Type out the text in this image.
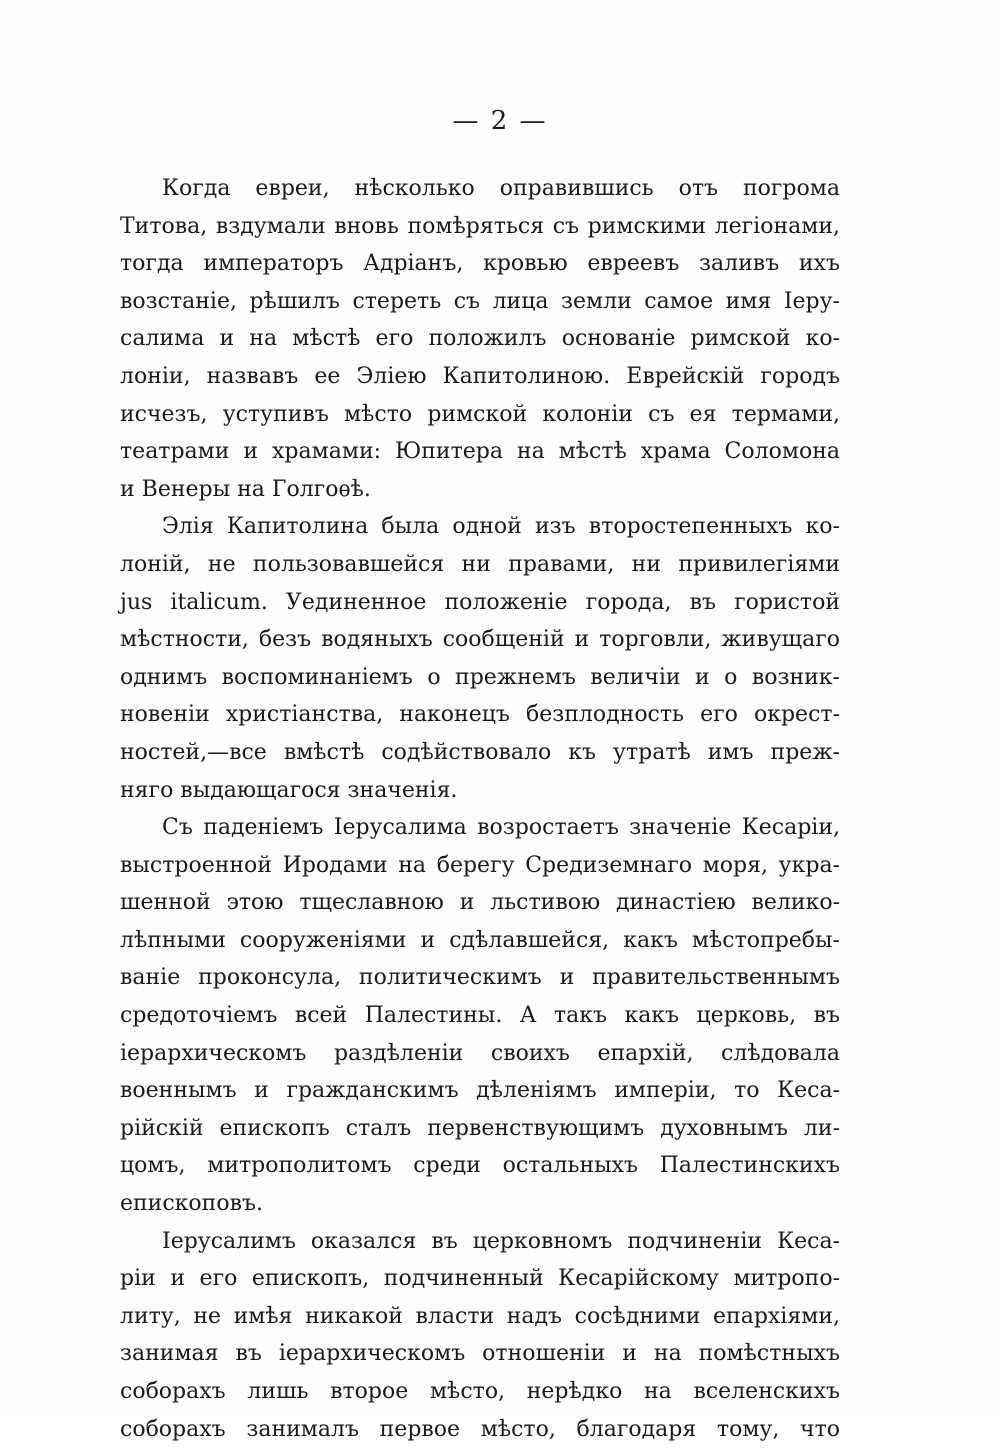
— 2 —

Когда евреи, нѣсколько оправившись отъ погрома
Титова, вздумали вновь помѣряться съ римскими легіонами,
тогда императоръ Адріанъ, кровью евреевъ заливъ ихъ
возстаніе, рѣшилъ стереть съ лица земли самое имя Іеру-
салима и на мѣстѣ его положилъ основаніе римской ко-
лоніи, назвавъ ее Эліею Капитолиною. Еврейскій городъ
исчезъ, уступивъ мѣсто римской колоніи съ ея термами,
театрами и храмами: Юпитера на мѣстѣ храма Соломона
и Венеры на Голгоѳѣ.

Элія Капитолина была одной изъ второстепенныхъ ко-
лоній, не пользовавшейся ни правами, ни привилегіями
jus italicum. Уединенное положеніе города, въ гористой
мѣстности, безъ водяныхъ сообщеній и торговли, живущаго
однимъ воспоминаніемъ о прежнемъ величіи и о возник-
новеніи христіанства, наконецъ безплодность его окрест-
ностей,—все вмѣстѣ содѣйствовало къ утратѣ имъ преж-
няго выдающагося значенія.

Съ паденіемъ Іерусалима возростаетъ значеніе Кесаріи,
выстроенной Иродами на берегу Средиземнаго моря, укра-
шенной этою тщеславною и льстивою династіею велико-
лѣпными сооруженіями и сдѣлавшейся, какъ мѣстопребы-
ваніе проконсула, политическимъ и правительственнымъ
средоточіемъ всей Палестины. А такъ какъ церковь, въ
іерархическомъ раздѣленіи своихъ епархій, слѣдовала
военнымъ и гражданскимъ дѣленіямъ имперіи, то Кеса-
рійскій епископъ сталъ первенствующимъ духовнымъ ли-
цомъ, митрополитомъ среди остальныхъ Палестинскихъ
епископовъ.

Іерусалимъ оказался въ церковномъ подчиненіи Кеса-
ріи и его епископъ, подчиненный Кесарійскому митропо-
литу, не имѣя никакой власти надъ сосѣдними епархіями,
занимая въ іерархическомъ отношеніи и на помѣстныхъ
соборахъ лишь второе мѣсто, нерѣдко на вселенскихъ
соборахъ занималъ первое мѣсто, благодаря тому, что
